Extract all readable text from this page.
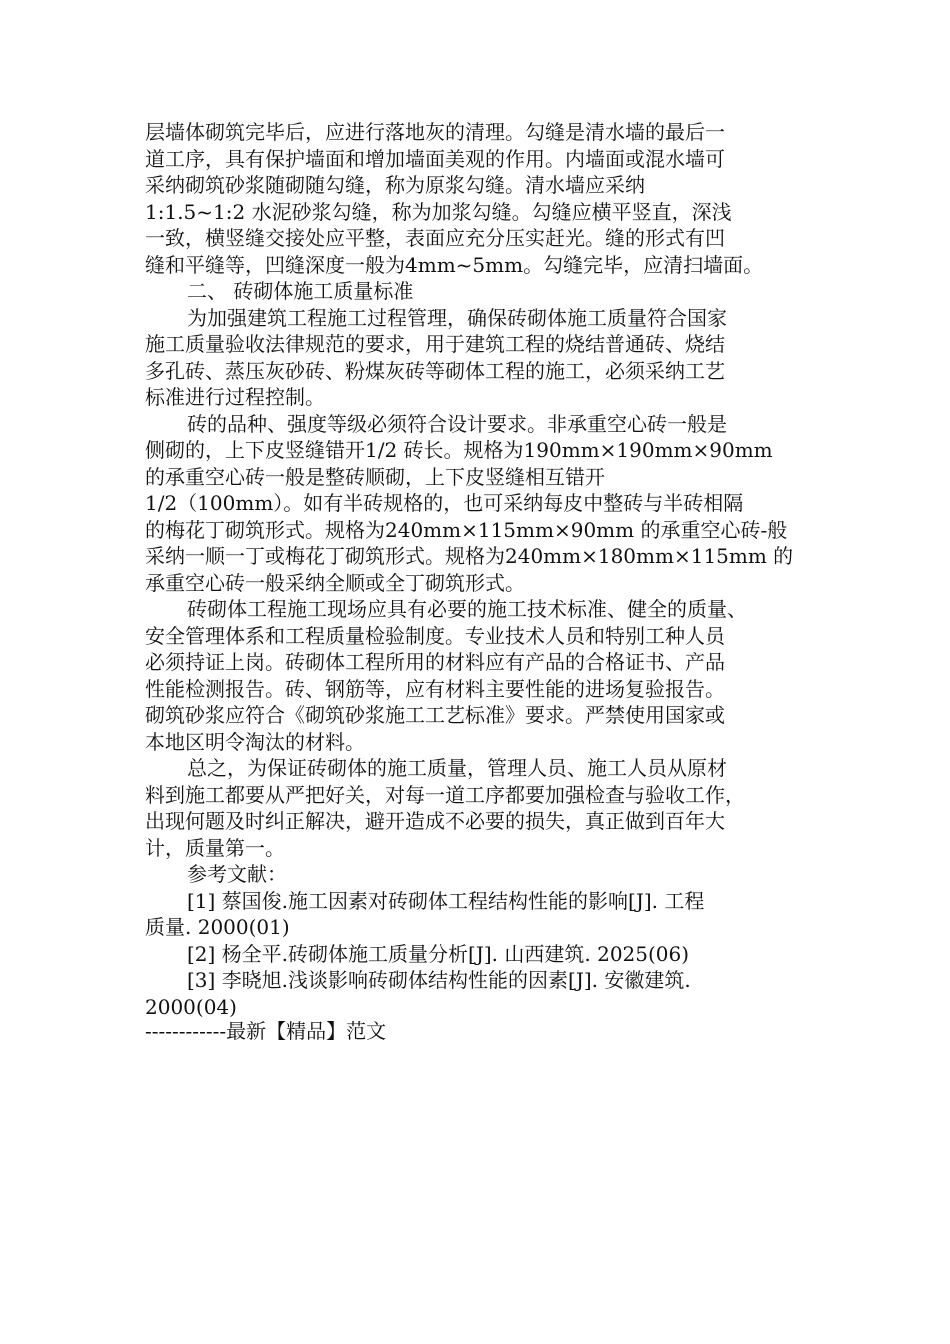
层墙体砌筑完毕后，应进行落地灰的清理。勾缝是清水墙的最后一
道工序，具有保护墙面和增加墙面美观的作用。内墙面或混水墙可
采纳砌筑砂浆随砌随勾缝，称为原浆勾缝。清水墙应采纳
1:1.5~1:2 水泥砂浆勾缝，称为加浆勾缝。勾缝应横平竖直，深浅
一致，横竖缝交接处应平整，表面应充分压实赶光。缝的形式有凹
缝和平缝等，凹缝深度一般为4mm~5mm。勾缝完毕，应清扫墙面。
二、 砖砌体施工质量标准
为加强建筑工程施工过程管理，确保砖砌体施工质量符合国家
施工质量验收法律规范的要求，用于建筑工程的烧结普通砖、烧结
多孔砖、蒸压灰砂砖、粉煤灰砖等砌体工程的施工，必须采纳工艺
标准进行过程控制。
砖的品种、强度等级必须符合设计要求。非承重空心砖一般是
侧砌的，上下皮竖缝错开1/2 砖长。规格为190mm×190mm×90mm
的承重空心砖一般是整砖顺砌，上下皮竖缝相互错开
1/2（100mm）。如有半砖规格的，也可采纳每皮中整砖与半砖相隔
的梅花丁砌筑形式。规格为240mm×115mm×90mm 的承重空心砖-般
采纳一顺一丁或梅花丁砌筑形式。规格为240mm×180mm×115mm 的
承重空心砖一般采纳全顺或全丁砌筑形式。
砖砌体工程施工现场应具有必要的施工技术标准、健全的质量、
安全管理体系和工程质量检验制度。专业技术人员和特别工种人员
必须持证上岗。砖砌体工程所用的材料应有产品的合格证书、产品
性能检测报告。砖、钢筋等，应有材料主要性能的进场复验报告。
砌筑砂浆应符合《砌筑砂浆施工工艺标准》要求。严禁使用国家或
本地区明令淘汰的材料。
总之，为保证砖砌体的施工质量，管理人员、施工人员从原材
料到施工都要从严把好关，对每一道工序都要加强检查与验收工作，
出现何题及时纠正解决，避开造成不必要的损失，真正做到百年大
计，质量第一。
参考文献：
[1] 蔡国俊.施工因素对砖砌体工程结构性能的影响[J]. 工程
质量. 2000(01)
[2] 杨全平.砖砌体施工质量分析[J]. 山西建筑. 2025(06)
[3] 李晓旭.浅谈影响砖砌体结构性能的因素[J]. 安徽建筑.
2000(04)
------------最新【精品】范文
